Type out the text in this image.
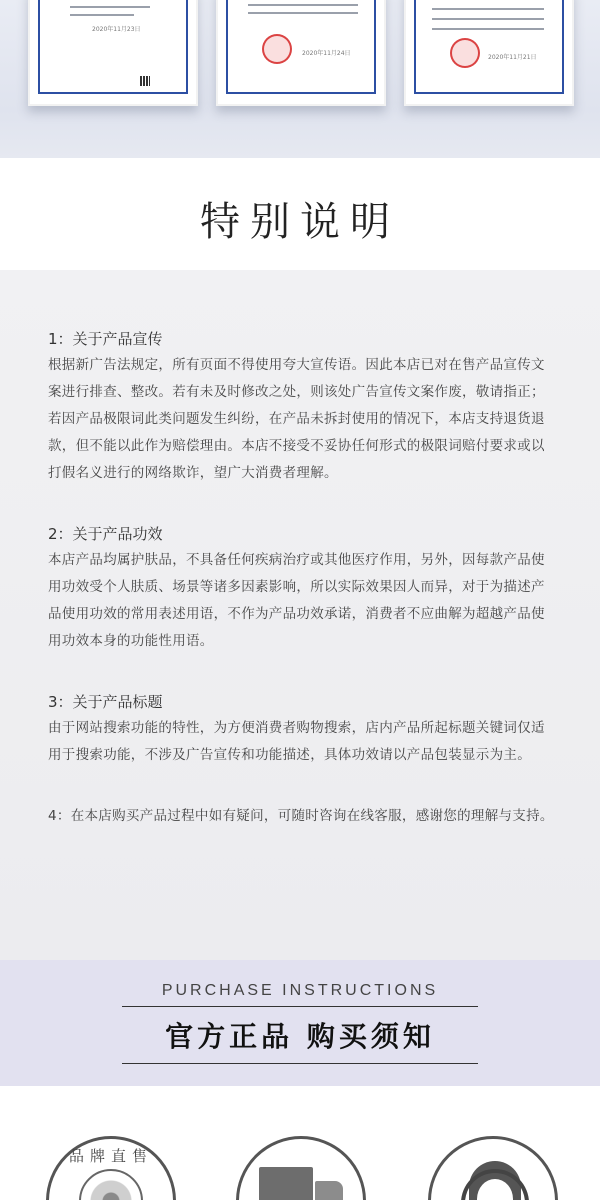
2020年11月23日
2020年11月24日
2020年11月21日
特别说明
1：关于产品宣传
根据新广告法规定，所有页面不得使用夸大宣传语。因此本店已对在售产品宣传文案进行排查、整改。若有未及时修改之处，则该处广告宣传文案作废，敬请指正；若因产品极限词此类问题发生纠纷，在产品未拆封使用的情况下，本店支持退货退款，但不能以此作为赔偿理由。本店不接受不妥协任何形式的极限词赔付要求或以打假名义进行的网络欺诈，望广大消费者理解。
2：关于产品功效
本店产品均属护肤品，不具备任何疾病治疗或其他医疗作用，另外，因每款产品使用功效受个人肤质、场景等诸多因素影响，所以实际效果因人而异，对于为描述产品使用功效的常用表述用语，不作为产品功效承诺，消费者不应曲解为超越产品使用功效本身的功能性用语。
3：关于产品标题
由于网站搜索功能的特性，为方便消费者购物搜索，店内产品所起标题关键词仅适用于搜索功能，不涉及广告宣传和功能描述，具体功效请以产品包装显示为主。
4：在本店购买产品过程中如有疑问，可随时咨询在线客服，感谢您的理解与支持。
PURCHASE INSTRUCTIONS
官方正品 购买须知
品牌直售
